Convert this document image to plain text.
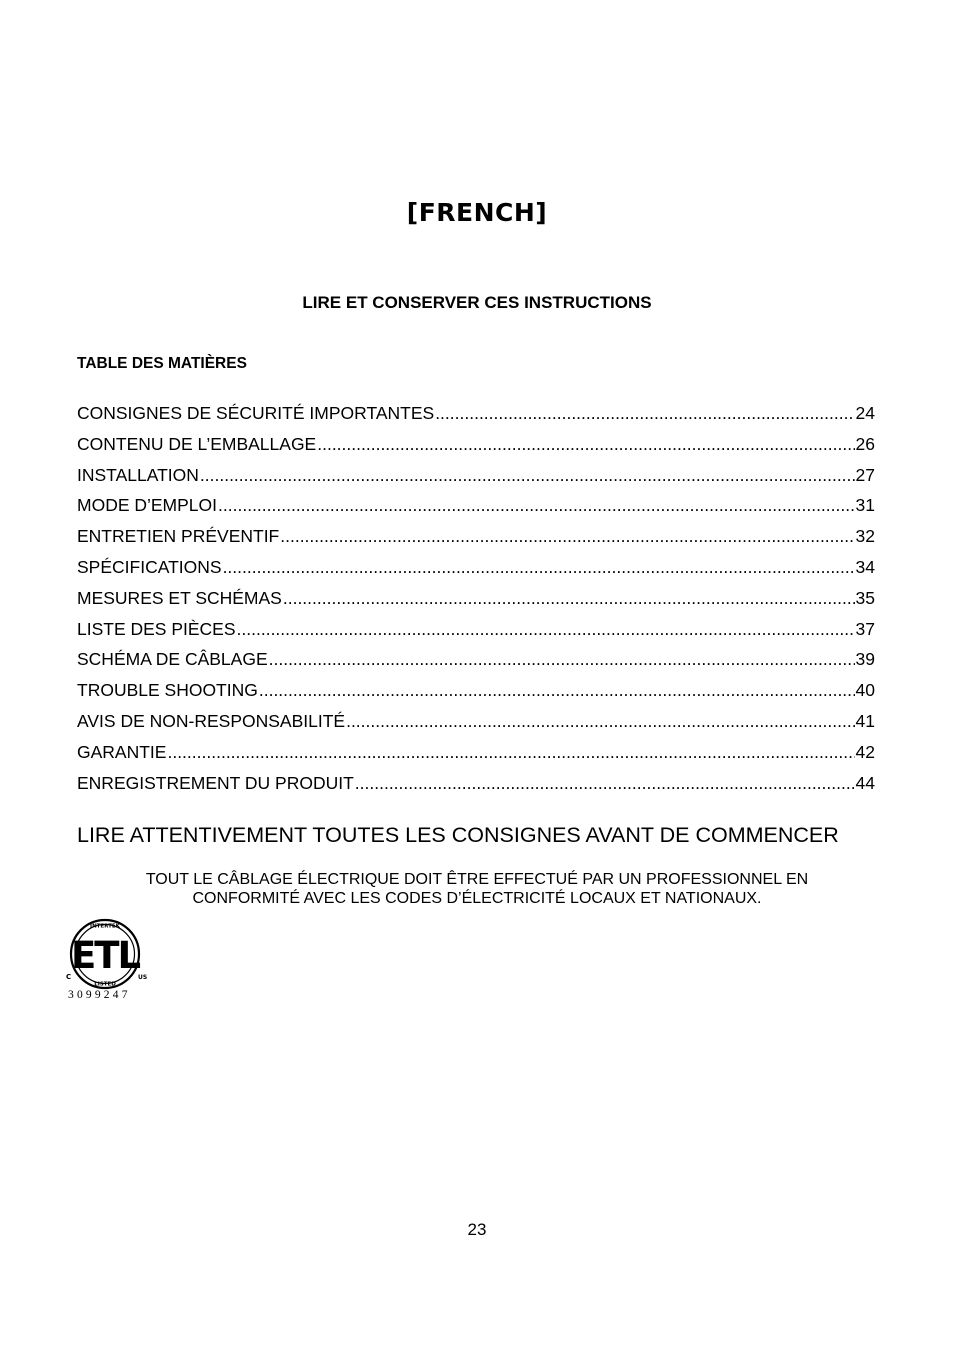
[FRENCH]
LIRE ET CONSERVER CES INSTRUCTIONS
TABLE DES MATIÈRES
CONSIGNES DE SÉCURITÉ IMPORTANTES .....	24
CONTENU DE L’EMBALLAGE .....	26
INSTALLATION .....	27
MODE D’EMPLOI .....	31
ENTRETIEN PRÉVENTIF .....	32
SPÉCIFICATIONS .....	34
MESURES ET SCHÉMAS .....	35
LISTE DES PIÈCES .....	37
SCHÉMA DE CÂBLAGE .....	39
TROUBLE SHOOTING .....	40
AVIS DE NON-RESPONSABILITÉ .....	41
GARANTIE .....	42
ENREGISTREMENT DU PRODUIT .....	44
LIRE ATTENTIVEMENT TOUTES LES CONSIGNES AVANT DE COMMENCER
TOUT LE CÂBLAGE ÉLECTRIQUE DOIT ÊTRE EFFECTUÉ PAR UN PROFESSIONNEL EN
CONFORMITÉ AVEC LES CODES D’ÉLECTRICITÉ LOCAUX ET NATIONAUX.
INTERTEK
ETL
LISTED
C	US
3099247
23
